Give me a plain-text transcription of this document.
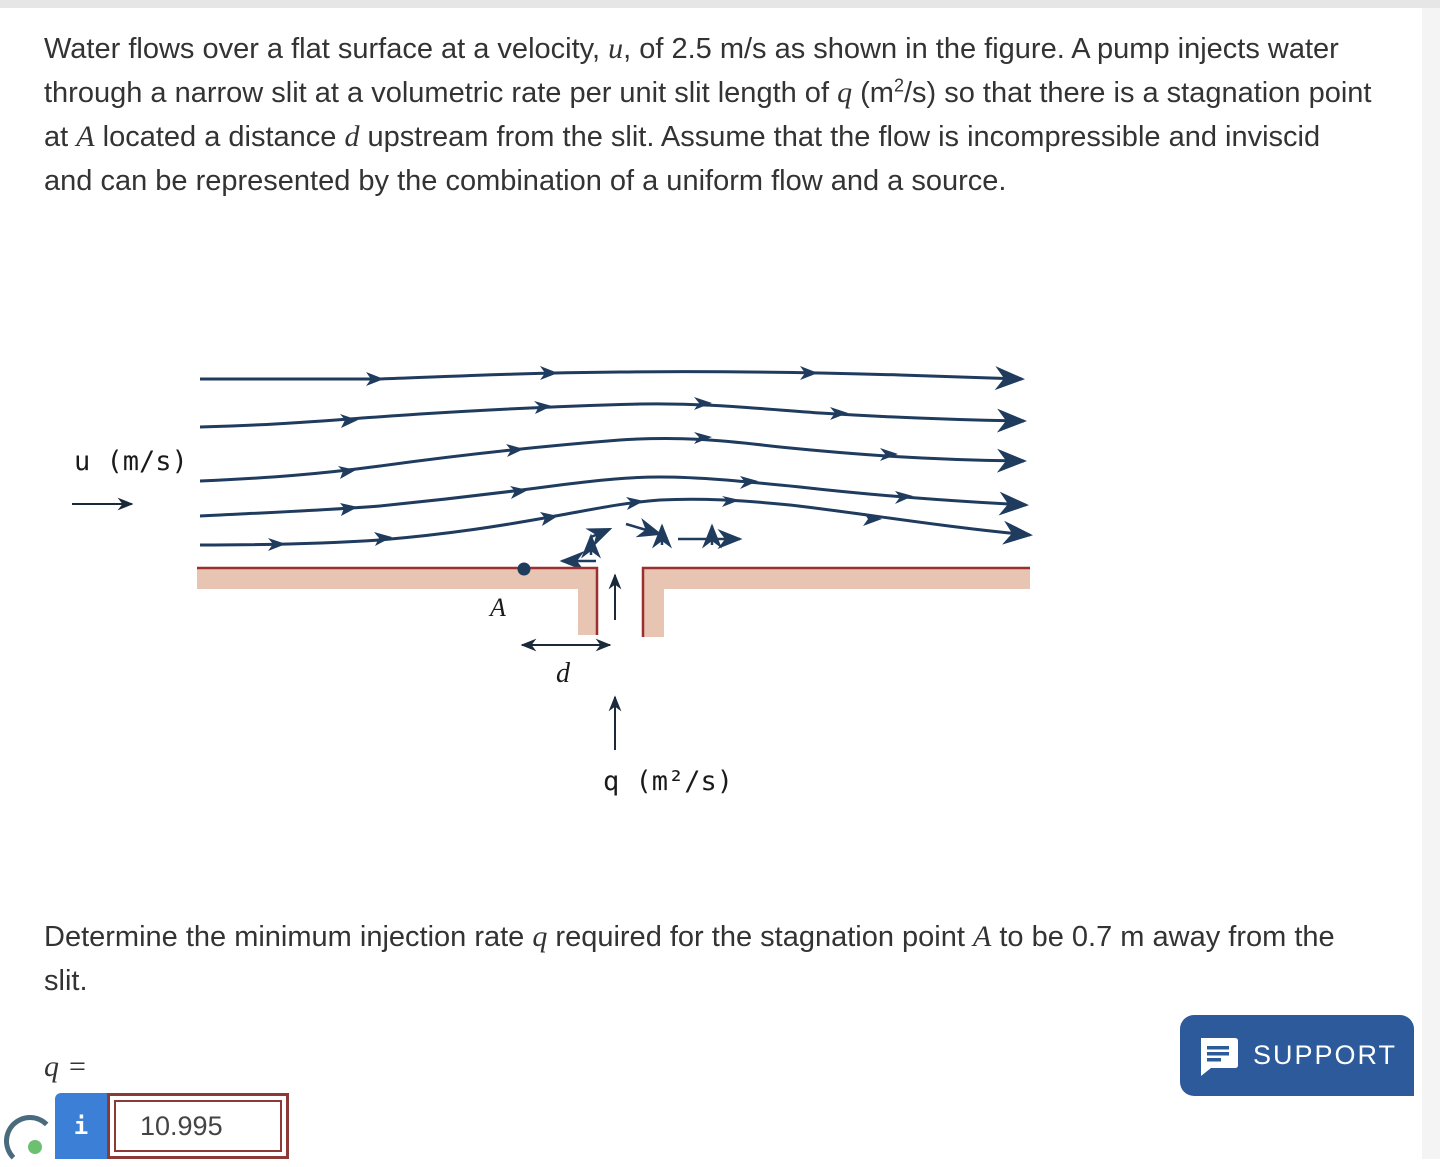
Water flows over a flat surface at a velocity, u, of 2.5 m/s as shown in the figure. A pump injects water through a narrow slit at a volumetric rate per unit slit length of q $(m^2/s)$ so that there is a stagnation point at A located a distance d upstream from the slit. Assume that the flow is incompressible and inviscid and can be represented by the combination of a uniform flow and a source.
u (m/s)
A
d
q (m²/s)
Determine the minimum injection rate q required for the stagnation point A to be 0.7 m away from the slit.
q =
i
10.995
SUPPORT
